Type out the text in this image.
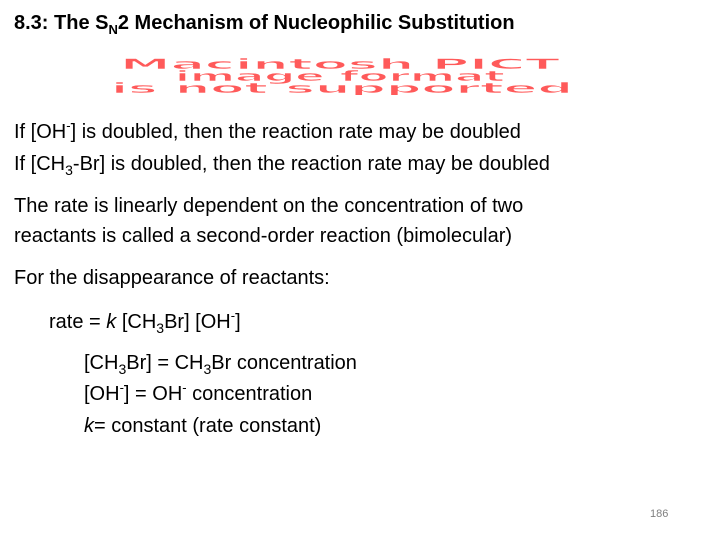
8.3: The $S_N2$ Mechanism of Nucleophilic Substitution
Macintosh PICT
image format
is not supported
If [OH-] is doubled, then the reaction rate may be doubled
If $[CH_3-Br]$ is doubled, then the reaction rate may be doubled
The rate is linearly dependent on the concentration of two
reactants is called a second-order reaction (bimolecular)
For the disappearance of reactants:
rate = k $[CH_3Br]$ [OH-]
$[CH_3Br] = CH_3Br$ concentration
[OH-] = OH- concentration
k= constant (rate constant)
186
